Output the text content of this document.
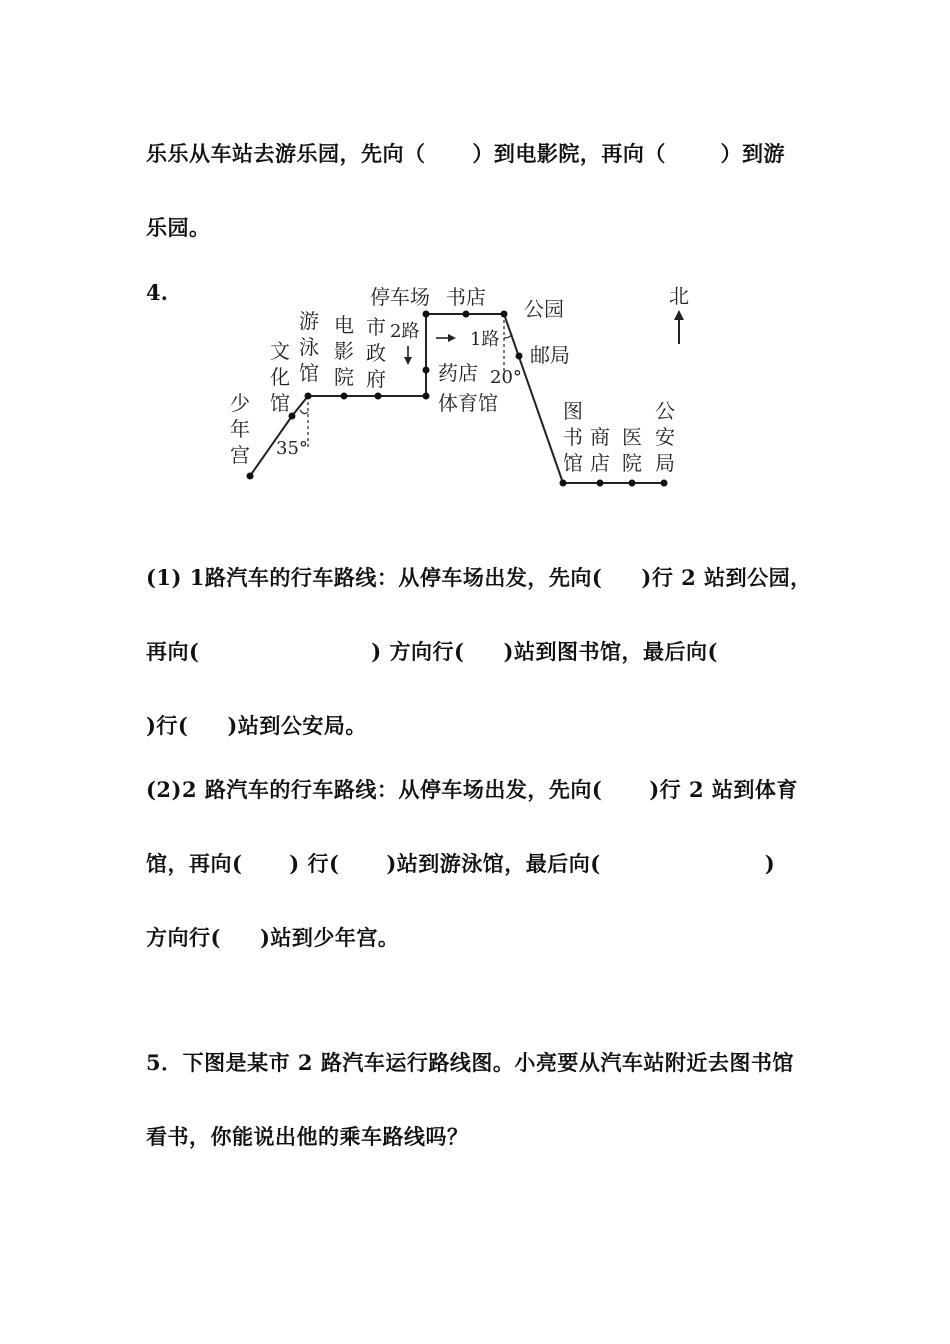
乐乐从车站去游乐园，先向（      ）到电影院，再向（       ）到游
乐园。
4.	北
2路	1路
35°
20°
少
年
宫
文
化
馆
游
泳
馆
电
影
院
市
政
府
图
书
馆
商
店
医
院
公
安
局
停车场 书店 公园
邮局
药店
体育馆
(1) 1路汽车的行车路线：从停车场出发，先向(     )行 2 站到公园，
再向(                      ) 方向行(     )站到图书馆，最后向(
)行(     )站到公安局。
(2)2 路汽车的行车路线：从停车场出发，先向(      )行 2 站到体育
馆，再向(      ) 行(      )站到游泳馆，最后向(                     )
方向行(     )站到少年宫。
5．下图是某市 2 路汽车运行路线图。小亮要从汽车站附近去图书馆
看书，你能说出他的乘车路线吗？
